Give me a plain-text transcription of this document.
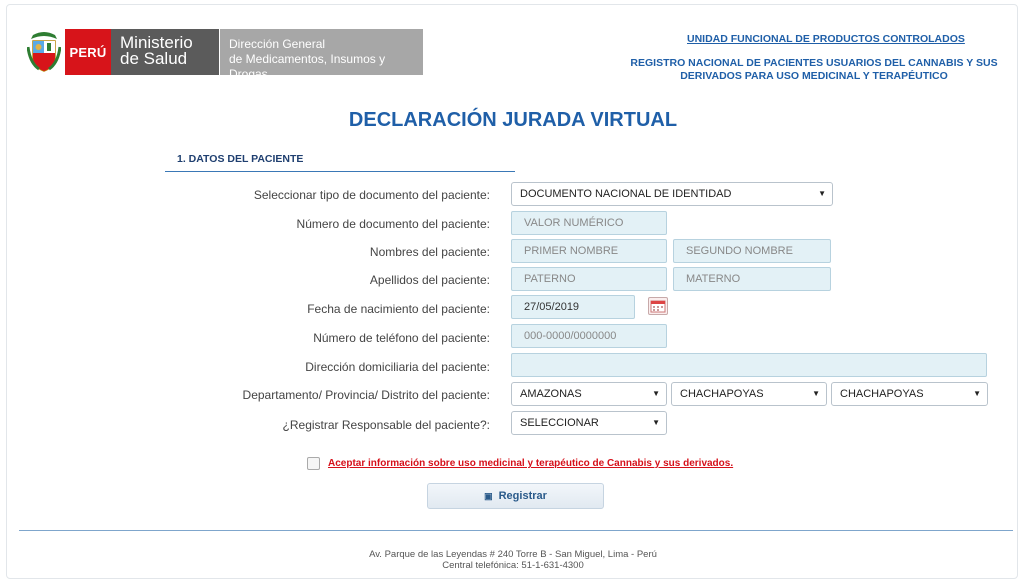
PERÚ Ministerio
de Salud
Dirección General
de Medicamentos, Insumos y Drogas
UNIDAD FUNCIONAL DE PRODUCTOS CONTROLADOS
REGISTRO NACIONAL DE PACIENTES USUARIOS DEL CANNABIS Y SUS DERIVADOS PARA USO MEDICINAL Y TERAPÉUTICO
DECLARACIÓN JURADA VIRTUAL
1. DATOS DEL PACIENTE
Seleccionar tipo de documento del paciente:	DOCUMENTO NACIONAL DE IDENTIDAD	▼
Número de documento del paciente:	VALOR NUMÉRICO
Nombres del paciente:	PRIMER NOMBRE	SEGUNDO NOMBRE
Apellidos del paciente:	PATERNO	MATERNO
Fecha de nacimiento del paciente:	27/05/2019
Número de teléfono del paciente:	000-0000/0000000
Dirección domiciliaria del paciente:
Departamento/ Provincia/ Distrito del paciente:	AMAZONAS	▼	CHACHAPOYAS	▼	CHACHAPOYAS	▼
¿Registrar Responsable del paciente?:	SELECCIONAR	▼
Aceptar información sobre uso medicinal y terapéutico de Cannabis y sus derivados.
▣ Registrar
Av. Parque de las Leyendas # 240 Torre B - San Miguel, Lima - Perú
Central telefónica: 51-1-631-4300
